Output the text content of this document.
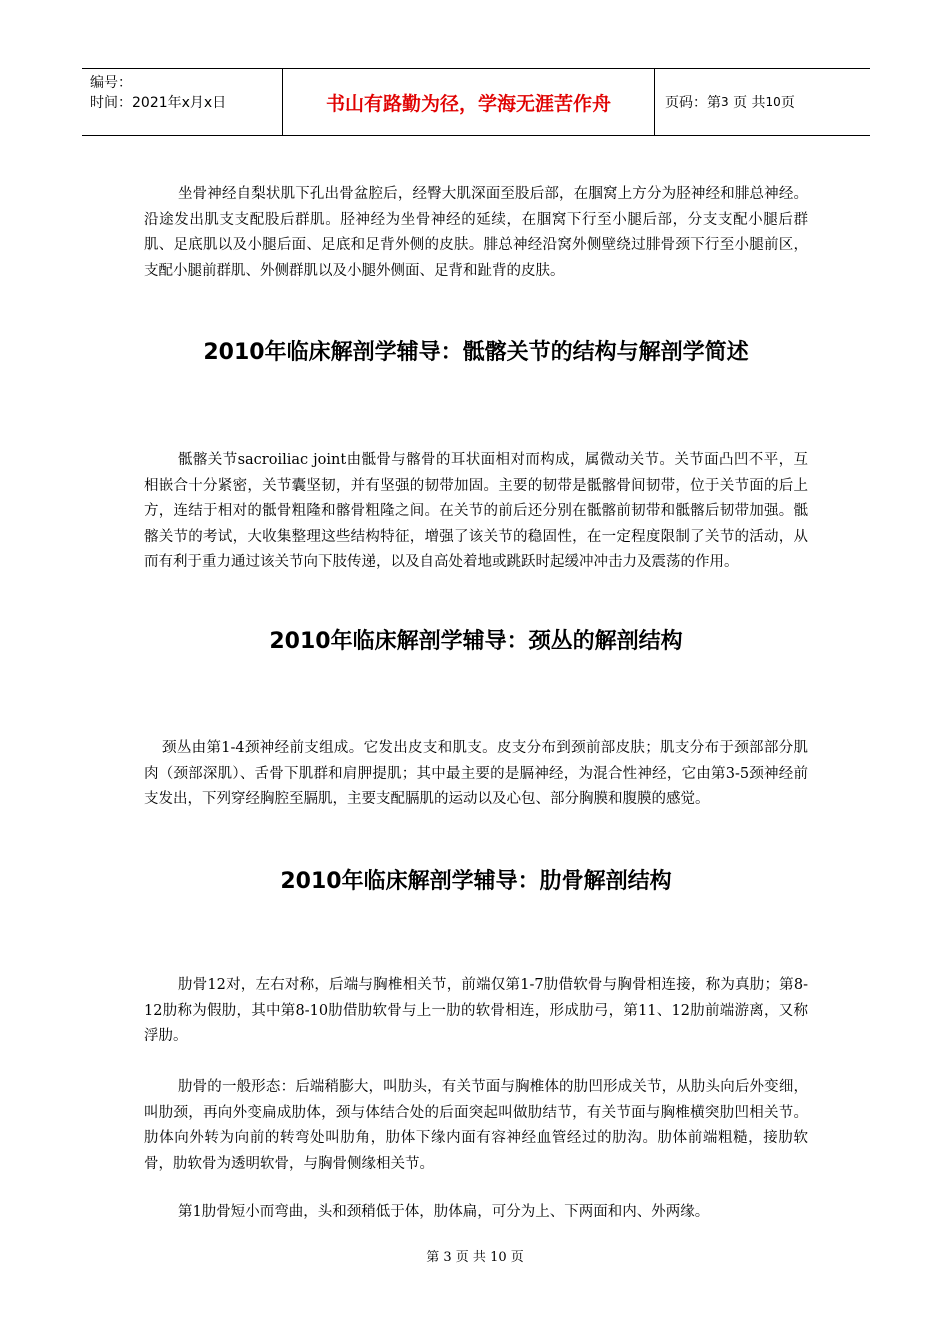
编号：
时间：2021年x月x日	书山有路勤为径，学海无涯苦作舟	页码：第 3
页 共 10 页

坐骨神经自梨状肌下孔出骨盆腔后，经臀大肌深面至股后部，在腘窝上方分为胫神经和腓总神经。沿途发出肌支支配股后群肌。胫神经为坐骨神经的延续，在腘窝下行至小腿后部，分支支配小腿后群肌、足底肌以及小腿后面、足底和足背外侧的皮肤。腓总神经沿窝外侧壁绕过腓骨颈下行至小腿前区，支配小腿前群肌、外侧群肌以及小腿外侧面、足背和趾背的皮肤。

2010年临床解剖学辅导：骶髂关节的结构与解剖学简述

骶髂关节sacroiliac joint由骶骨与髂骨的耳状面相对而构成，属微动关节。关节面凸凹不平，互相嵌合十分紧密，关节囊坚韧，并有坚强的韧带加固。主要的韧带是骶髂骨间韧带，位于关节面的后上方，连结于相对的骶骨粗隆和髂骨粗隆之间。在关节的前后还分别在骶髂前韧带和骶髂后韧带加强。骶髂关节的考试，大收集整理这些结构特征，增强了该关节的稳固性，在一定程度限制了关节的活动，从而有利于重力通过该关节向下肢传递，以及自高处着地或跳跃时起缓冲冲击力及震荡的作用。

2010年临床解剖学辅导：颈丛的解剖结构

颈丛由第1-4颈神经前支组成。它发出皮支和肌支。皮支分布到颈前部皮肤；肌支分布于颈部部分肌肉（颈部深肌）、舌骨下肌群和肩胛提肌；其中最主要的是膈神经，为混合性神经，它由第3-5颈神经前支发出，下列穿经胸腔至膈肌，主要支配膈肌的运动以及心包、部分胸膜和腹膜的感觉。

2010年临床解剖学辅导：肋骨解剖结构

肋骨12对，左右对称，后端与胸椎相关节，前端仅第1-7肋借软骨与胸骨相连接，称为真肋；第8-12肋称为假肋，其中第8-10肋借肋软骨与上一肋的软骨相连，形成肋弓，第11、12肋前端游离，又称浮肋。

肋骨的一般形态：后端稍膨大，叫肋头，有关节面与胸椎体的肋凹形成关节，从肋头向后外变细，叫肋颈，再向外变扁成肋体，颈与体结合处的后面突起叫做肋结节，有关节面与胸椎横突肋凹相关节。肋体向外转为向前的转弯处叫肋角，肋体下缘内面有容神经血管经过的肋沟。肋体前端粗糙，接肋软骨，肋软骨为透明软骨，与胸骨侧缘相关节。

第1肋骨短小而弯曲，头和颈稍低于体，肋体扁，可分为上、下两面和内、外两缘。

第 3 页 共 10 页
